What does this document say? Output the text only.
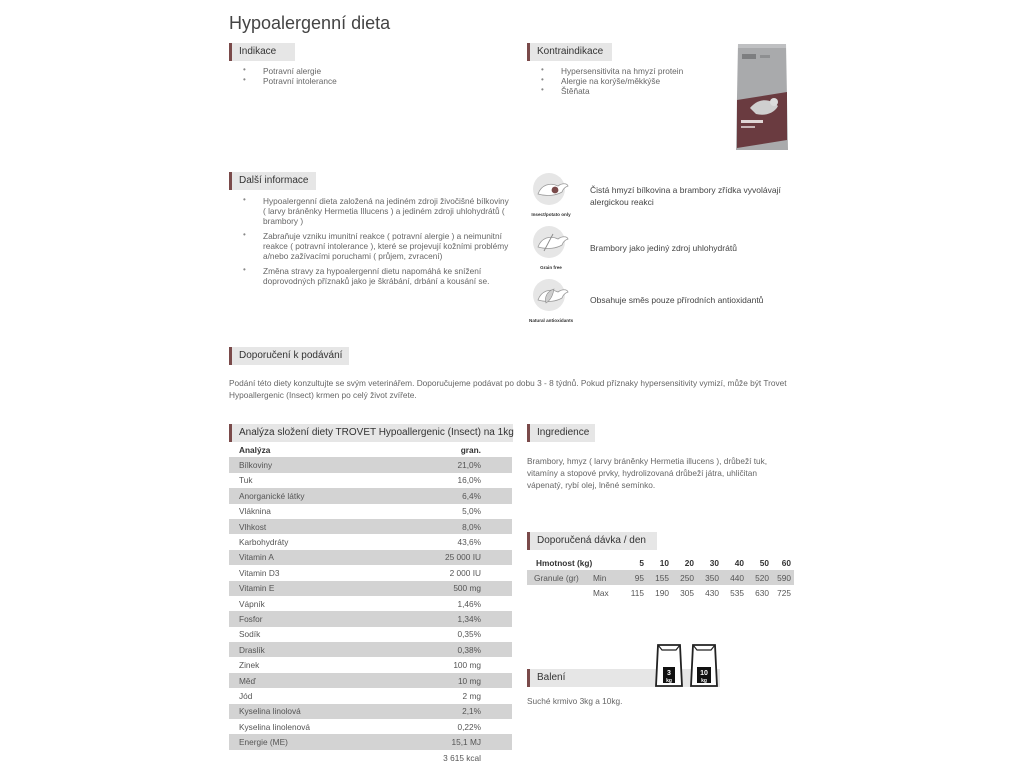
Hypoalergenní dieta
Indikace
• Potravní alergie
• Potravní intolerance
Kontraindikace
• Hypersensitivita na hmyzí protein
• Alergie na korýše/měkkýše
• Štěňata
Další informace
• Hypoalergenní dieta založená na jediném zdroji živočišné bílkoviny ( larvy bráněnky Hermetia Illucens ) a jediném zdroji uhlohydrátů ( brambory )
• Zabraňuje vzniku imunitní reakce ( potravní alergie ) a neimunitní reakce ( potravní intolerance ), které se projevují kožními problémy a/nebo zažívacími poruchami ( průjem, zvracení)
• Změna stravy za hypoalergenní dietu napomáhá ke snížení doprovodných příznaků jako je škrábání, drbání a kousání se.
Insect/potato only
Čistá hmyzí bílkovina a brambory zřídka vyvolávají alergickou reakci
Grain free
Brambory jako jediný zdroj uhlohydrátů
Natural antioxidants
Obsahuje směs pouze přírodních antioxidantů
Doporučení k podávání
Podání této diety konzultujte se svým veterinářem. Doporučujeme podávat po dobu 3 - 8 týdnů. Pokud příznaky hypersensitivity vymizí, může být Trovet Hypoallergenic (Insect) krmen po celý život zvířete.
Analýza složení diety TROVET Hypoallergenic (Insect) na 1kg
Analýza	gran.
Bílkoviny	21,0%
Tuk	16,0%
Anorganické látky	6,4%
Vláknina	5,0%
Vlhkost	8,0%
Karbohydráty	43,6%
Vitamin A	25 000 IU
Vitamin D3	2 000 IU
Vitamin E	500 mg
Vápník	1,46%
Fosfor	1,34%
Sodík	0,35%
Draslík	0,38%
Zinek	100 mg
Měď	10 mg
Jód	2 mg
Kyselina linolová	2,1%
Kyselina linolenová	0,22%
Energie (ME)	15,1 MJ
	3 615 kcal
Ingredience
Brambory, hmyz ( larvy bráněnky Hermetia illucens ), drůbeží tuk, vitamíny a stopové prvky, hydrolizovaná drůbeží játra, uhličitan vápenatý, rybí olej, lněné semínko.
Doporučená dávka / den
Hmotnost (kg)		5	10	20	30	40	50	60
Granule (gr)	Min	95	155	250	350	440	520	590
	Max	115	190	305	430	535	630	725
Balení	3
kg
10
kg
Suché krmivo 3kg a 10kg.
